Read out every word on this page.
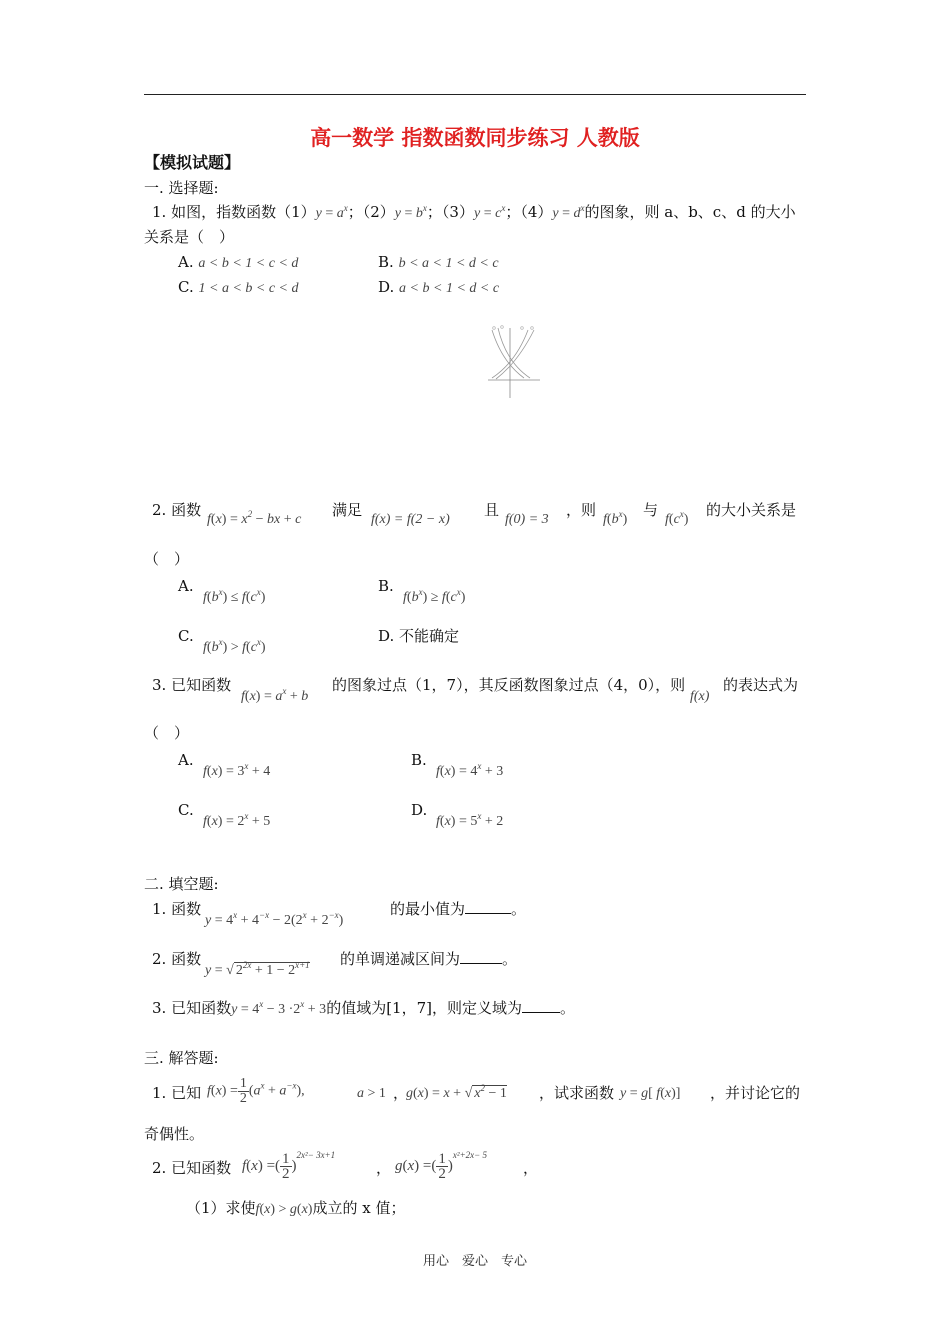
高一数学 指数函数同步练习 人教版
【模拟试题】
一. 选择题:
1. 如图，指数函数$(1)y = a^x$；$(2)y = b^x$；$(3)y = c^x$；$(4)y = d^x$的图象，则 a、b、c、d 的大小
关系是（　）
A. a < b < 1 < c < d	B. b < a < 1 < d < c
C. 1 < a < b < c < d	D. a < b < 1 < d < c
2. 函数
$f(x) = x^2$ − bx + c
满足
f(x) = f(2 − x)
且
f(0) = 3
，则
$f(b^x)$
与
$f(c^x)$
的大小关系是
（　）
A.
$f(b^x) \le f(c^x)$
B.
$f(b^x) \ge f(c^x)$
C.
$f(b^x) > f(c^x)$
D. 不能确定
3. 已知函数
$f(x) = a^x + b$
的图象过点（1，7），其反函数图象过点（4，0），则
f(x)
的表达式为
（　）
A.
$f(x) = 3^x + 4$
B.
$f(x) = 4^x + 3$
C.
$f(x) = 2^x + 5$
D.
$f(x) = 5^x + 2$
二. 填空题:
1. 函数
$y = 4^x + 4^{-x} - 2(2^x + 2^{-x})$
的最小值为	。
2. 函数
y = √ $2^{2x} + 1 - 2^{x+1}$ 的单调递减区间为	。
3. 已知函数$y = 4^x - 3 \cdot 2^x + 3$的值域为[1，7]，则定义域为	。
三. 解答题:
1. 已知 $f(x) = \frac{1}{2} (a^x + a^{-x})$,	a > 1 ，
g(x) = x + √ $x^2 - 1$ ，试求函数 y = g[ f(x)] ，并讨论它的
奇偶性。
2. 已知函数 f(x) =( $\frac{1}{2} )^{2x^2- 3x+1}$
， g(x) =( $\frac{1}{2} )^{x^2+2x- 5}$
，
（1）求使f(x) > g(x)成立的 x 值；
用心　爱心　专心
